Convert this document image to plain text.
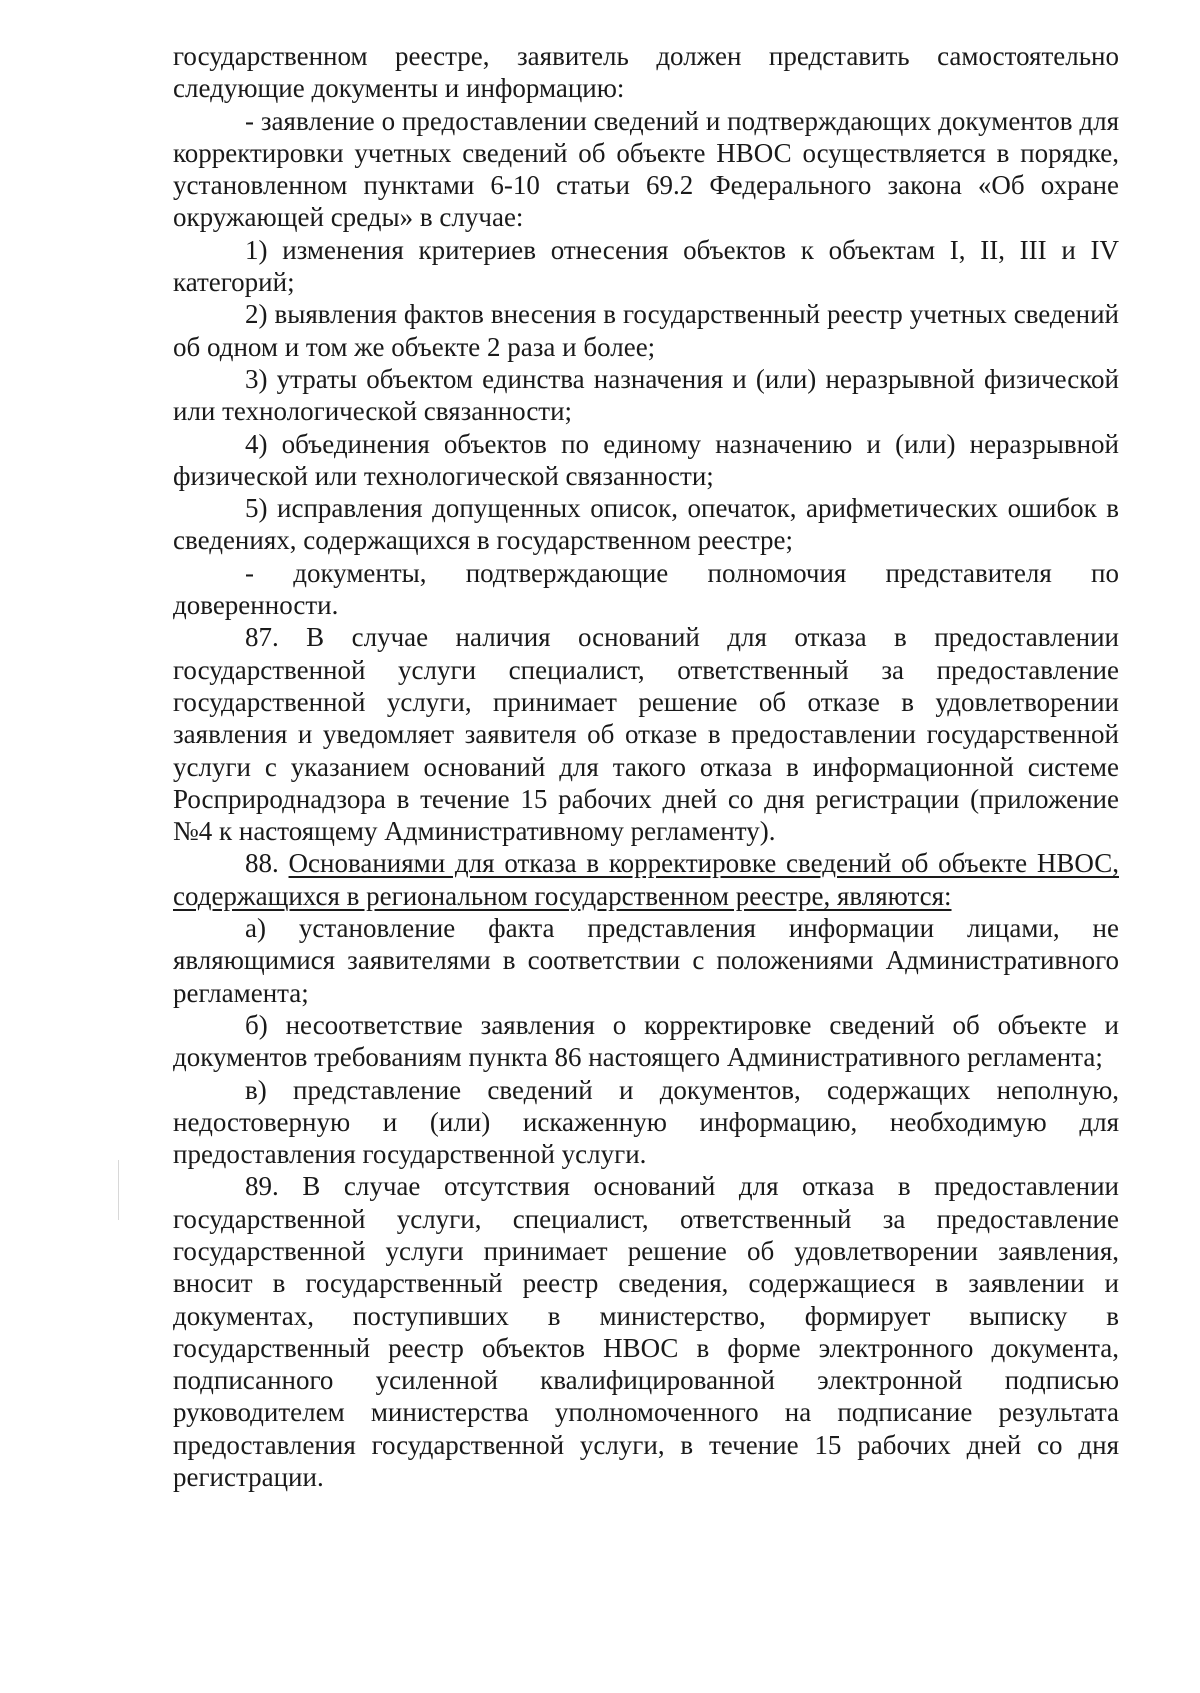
государственном реестре, заявитель должен представить самостоятельно следующие документы и информацию:

- заявление о предоставлении сведений и подтверждающих документов для корректировки учетных сведений об объекте НВОС осуществляется в порядке, установленном пунктами 6-10 статьи 69.2 Федерального закона «Об охране окружающей среды» в случае:

1) изменения критериев отнесения объектов к объектам I, II, III и IV категорий;

2) выявления фактов внесения в государственный реестр учетных сведений об одном и том же объекте 2 раза и более;

3) утраты объектом единства назначения и (или) неразрывной физической или технологической связанности;

4) объединения объектов по единому назначению и (или) неразрывной физической или технологической связанности;

5) исправления допущенных описок, опечаток, арифметических ошибок в сведениях, содержащихся в государственном реестре;

- документы, подтверждающие полномочия представителя по доверенности.

87. В случае наличия оснований для отказа в предоставлении государственной услуги специалист, ответственный за предоставление государственной услуги, принимает решение об отказе в удовлетворении заявления и уведомляет заявителя об отказе в предоставлении государственной услуги с указанием оснований для такого отказа в информационной системе Росприроднадзора в течение 15 рабочих дней со дня регистрации (приложение №4 к настоящему Административному регламенту).

88. Основаниями для отказа в корректировке сведений об объекте НВОС, содержащихся в региональном государственном реестре, являются:

а) установление факта представления информации лицами, не являющимися заявителями в соответствии с положениями Административного регламента;

б) несоответствие заявления о корректировке сведений об объекте и документов требованиям пункта 86 настоящего Административного регламента;

в) представление сведений и документов, содержащих неполную, недостоверную и (или) искаженную информацию, необходимую для предоставления государственной услуги.

89. В случае отсутствия оснований для отказа в предоставлении государственной услуги, специалист, ответственный за предоставление государственной услуги принимает решение об удовлетворении заявления, вносит в государственный реестр сведения, содержащиеся в заявлении и документах, поступивших в министерство, формирует выписку в государственный реестр объектов НВОС в форме электронного документа, подписанного усиленной квалифицированной электронной подписью руководителем министерства уполномоченного на подписание результата предоставления государственной услуги, в течение 15 рабочих дней со дня регистрации.
